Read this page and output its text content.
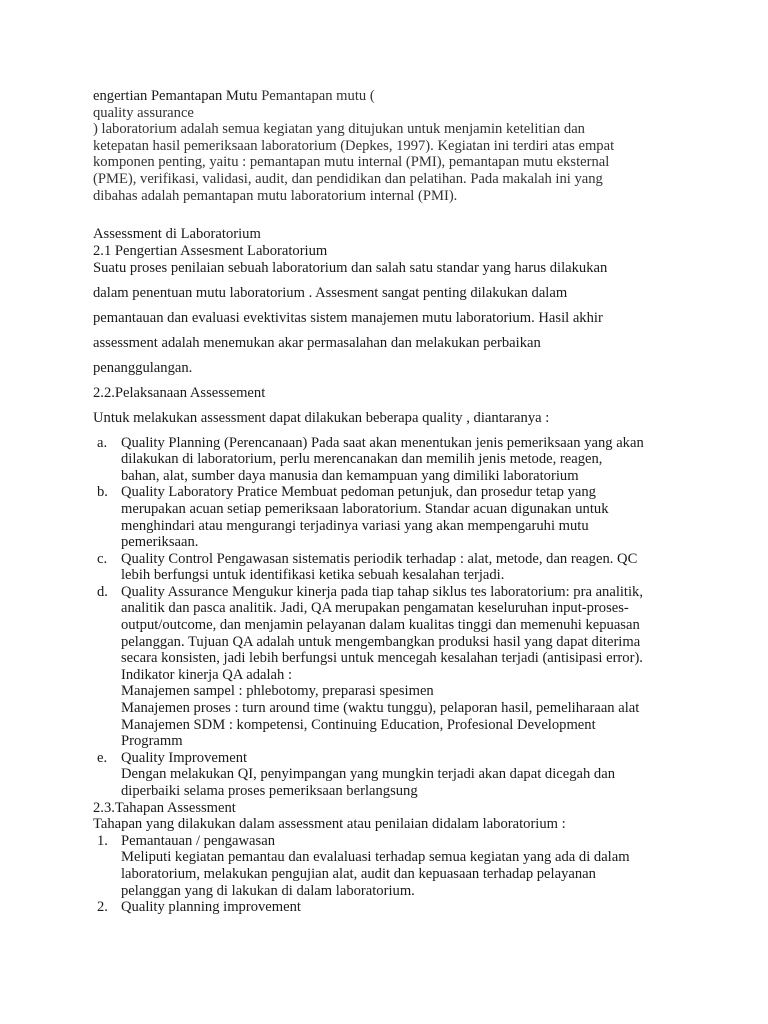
engertian Pemantapan Mutu Pemantapan mutu (
quality assurance
) laboratorium adalah semua kegiatan yang ditujukan untuk menjamin ketelitian dan
ketepatan hasil pemeriksaan laboratorium (Depkes, 1997). Kegiatan ini terdiri atas empat
komponen penting, yaitu : pemantapan mutu internal (PMI), pemantapan mutu eksternal
(PME), verifikasi, validasi, audit, dan pendidikan dan pelatihan. Pada makalah ini yang
dibahas adalah pemantapan mutu laboratorium internal (PMI).
Assessment di Laboratorium
2.1 Pengertian Assesment Laboratorium

Suatu proses penilaian sebuah laboratorium dan salah satu standar yang harus dilakukan

dalam penentuan mutu laboratorium . Assesment sangat penting dilakukan dalam

pemantauan dan evaluasi evektivitas sistem manajemen mutu laboratorium. Hasil akhir

assessment adalah menemukan akar permasalahan dan melakukan perbaikan

penanggulangan.

2.2.Pelaksanaan Assessement
Untuk melakukan assessment dapat dilakukan beberapa quality , diantaranya :
a. Quality Planning (Perencanaan) Pada saat akan menentukan jenis pemeriksaan yang akan
dilakukan di laboratorium, perlu merencanakan dan memilih jenis metode, reagen,
bahan, alat, sumber daya manusia dan kemampuan yang dimiliki laboratorium
b. Quality Laboratory Pratice Membuat pedoman petunjuk, dan prosedur tetap yang
merupakan acuan setiap pemeriksaan laboratorium. Standar acuan digunakan untuk
menghindari atau mengurangi terjadinya variasi yang akan mempengaruhi mutu
pemeriksaan.
c. Quality Control Pengawasan sistematis periodik terhadap : alat, metode, dan reagen. QC
lebih berfungsi untuk identifikasi ketika sebuah kesalahan terjadi.
d. Quality Assurance Mengukur kinerja pada tiap tahap siklus tes laboratorium: pra analitik,
analitik dan pasca analitik. Jadi, QA merupakan pengamatan keseluruhan input-proses-
output/outcome, dan menjamin pelayanan dalam kualitas tinggi dan memenuhi kepuasan
pelanggan. Tujuan QA adalah untuk mengembangkan produksi hasil yang dapat diterima
secara konsisten, jadi lebih berfungsi untuk mencegah kesalahan terjadi (antisipasi error).
Indikator kinerja QA adalah :
Manajemen sampel : phlebotomy, preparasi spesimen
Manajemen proses : turn around time (waktu tunggu), pelaporan hasil, pemeliharaan alat
Manajemen SDM : kompetensi, Continuing Education, Profesional Development
Programm
e. Quality Improvement
Dengan melakukan QI, penyimpangan yang mungkin terjadi akan dapat dicegah dan
diperbaiki selama proses pemeriksaan berlangsung
2.3.Tahapan Assessment
Tahapan yang dilakukan dalam assessment atau penilaian didalam laboratorium :
1. Pemantauan / pengawasan
Meliputi kegiatan pemantau dan evalaluasi terhadap semua kegiatan yang ada di dalam
laboratorium, melakukan pengujian alat, audit dan kepuasaan terhadap pelayanan
pelanggan yang di lakukan di dalam laboratorium.
2. Quality planning improvement
